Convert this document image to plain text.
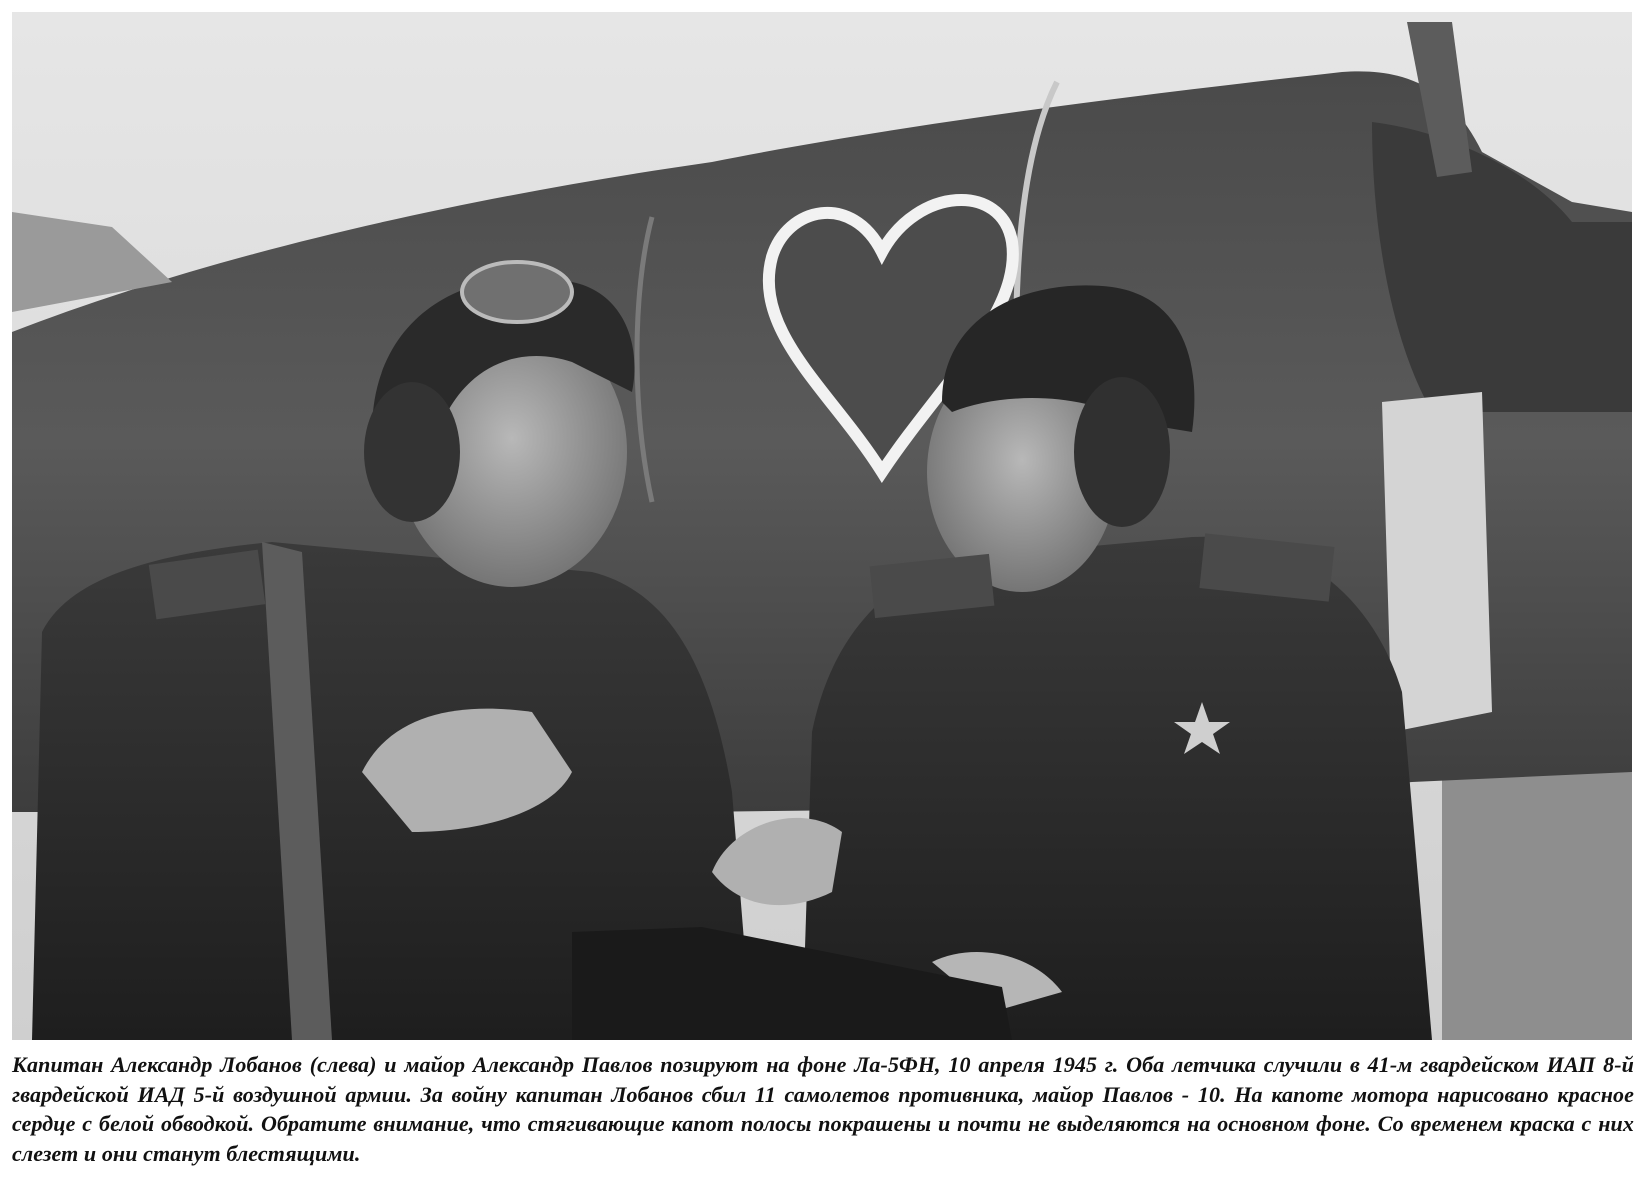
Капитан Александр Лобанов (слева) и майор Александр Павлов позируют на фоне Ла-5ФН, 10 апреля 1945 г. Оба летчика случили в 41-м гвардейском ИАП 8-й гвардейской ИАД 5-й воздушной армии. За войну капитан Лобанов сбил 11 самолетов противника, майор Павлов - 10. На капоте мотора нарисовано красное сердце с белой обводкой. Обратите внимание, что стягивающие капот полосы покрашены и почти не выделяются на основном фоне. Со временем краска с них слезет и они станут блестящими.
